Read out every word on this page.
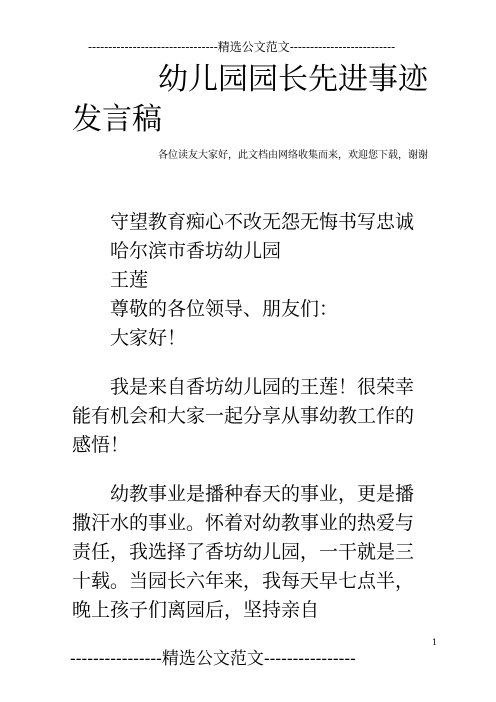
--------------------------------精选公文范文--------------------------
幼儿园园长先进事迹发言稿
各位读友大家好，此文档由网络收集而来，欢迎您下载，谢谢

守望教育痴心不改无怨无悔书写忠诚

哈尔滨市香坊幼儿园

王莲

尊敬的各位领导、朋友们：

大家好！

我是来自香坊幼儿园的王莲！很荣幸能有机会和大家一起分享从事幼教工作的感悟！

幼教事业是播种春天的事业，更是播撒汗水的事业。怀着对幼教事业的热爱与责任，我选择了香坊幼儿园，一干就是三十载。当园长六年来，我每天早七点半，晚上孩子们离园后，坚持亲自

1
----------------精选公文范文----------------
